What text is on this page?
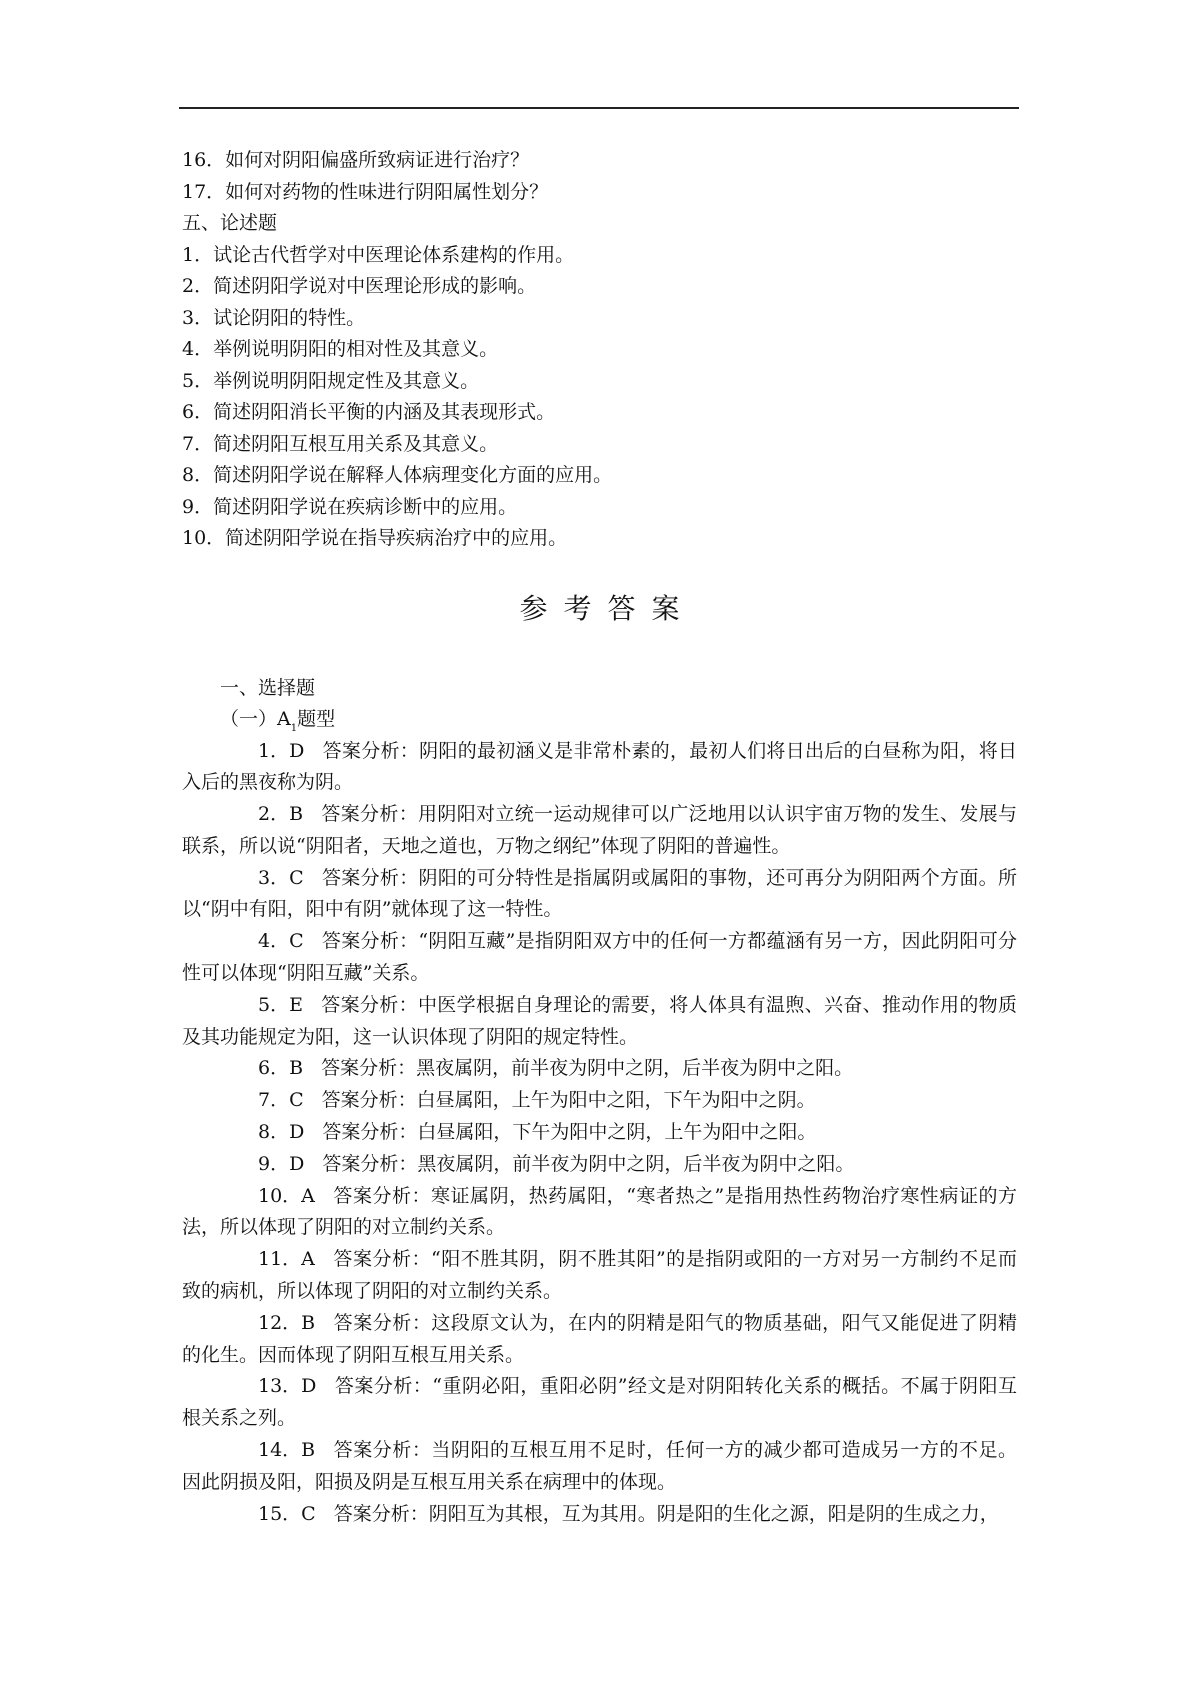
16．如何对阴阳偏盛所致病证进行治疗？
17．如何对药物的性味进行阴阳属性划分？
五、论述题
1．试论古代哲学对中医理论体系建构的作用。
2．简述阴阳学说对中医理论形成的影响。
3．试论阴阳的特性。
4．举例说明阴阳的相对性及其意义。
5．举例说明阴阳规定性及其意义。
6．简述阴阳消长平衡的内涵及其表现形式。
7．简述阴阳互根互用关系及其意义。
8．简述阴阳学说在解释人体病理变化方面的应用。
9．简述阴阳学说在疾病诊断中的应用。
10．简述阴阳学说在指导疾病治疗中的应用。
参考答案
一、选择题
（一）$A_1$题型

1．D 答案分析：阴阳的最初涵义是非常朴素的，最初人们将日出后的白昼称为阳，将日入后的黑夜称为阴。

2．B 答案分析：用阴阳对立统一运动规律可以广泛地用以认识宇宙万物的发生、发展与联系，所以说“阴阳者，天地之道也，万物之纲纪”体现了阴阳的普遍性。

3．C 答案分析：阴阳的可分特性是指属阴或属阳的事物，还可再分为阴阳两个方面。所以“阴中有阳，阳中有阴”就体现了这一特性。

4．C 答案分析：“阴阳互藏”是指阴阳双方中的任何一方都蕴涵有另一方，因此阴阳可分性可以体现“阴阳互藏”关系。

5．E 答案分析：中医学根据自身理论的需要，将人体具有温煦、兴奋、推动作用的物质及其功能规定为阳，这一认识体现了阴阳的规定特性。

6．B 答案分析：黑夜属阴，前半夜为阴中之阴，后半夜为阴中之阳。

7．C 答案分析：白昼属阳，上午为阳中之阳，下午为阳中之阴。

8．D 答案分析：白昼属阳，下午为阳中之阴，上午为阳中之阳。

9．D 答案分析：黑夜属阴，前半夜为阴中之阴，后半夜为阴中之阳。

10．A 答案分析：寒证属阴，热药属阳，“寒者热之”是指用热性药物治疗寒性病证的方法，所以体现了阴阳的对立制约关系。

11．A 答案分析：“阳不胜其阴，阴不胜其阳”的是指阴或阳的一方对另一方制约不足而致的病机，所以体现了阴阳的对立制约关系。

12．B 答案分析：这段原文认为，在内的阴精是阳气的物质基础，阳气又能促进了阴精的化生。因而体现了阴阳互根互用关系。

13．D 答案分析：“重阴必阳，重阳必阴”经文是对阴阳转化关系的概括。不属于阴阳互根关系之列。

14．B 答案分析：当阴阳的互根互用不足时，任何一方的减少都可造成另一方的不足。因此阴损及阳，阳损及阴是互根互用关系在病理中的体现。

15．C 答案分析：阴阳互为其根，互为其用。阴是阳的生化之源，阳是阴的生成之力，
